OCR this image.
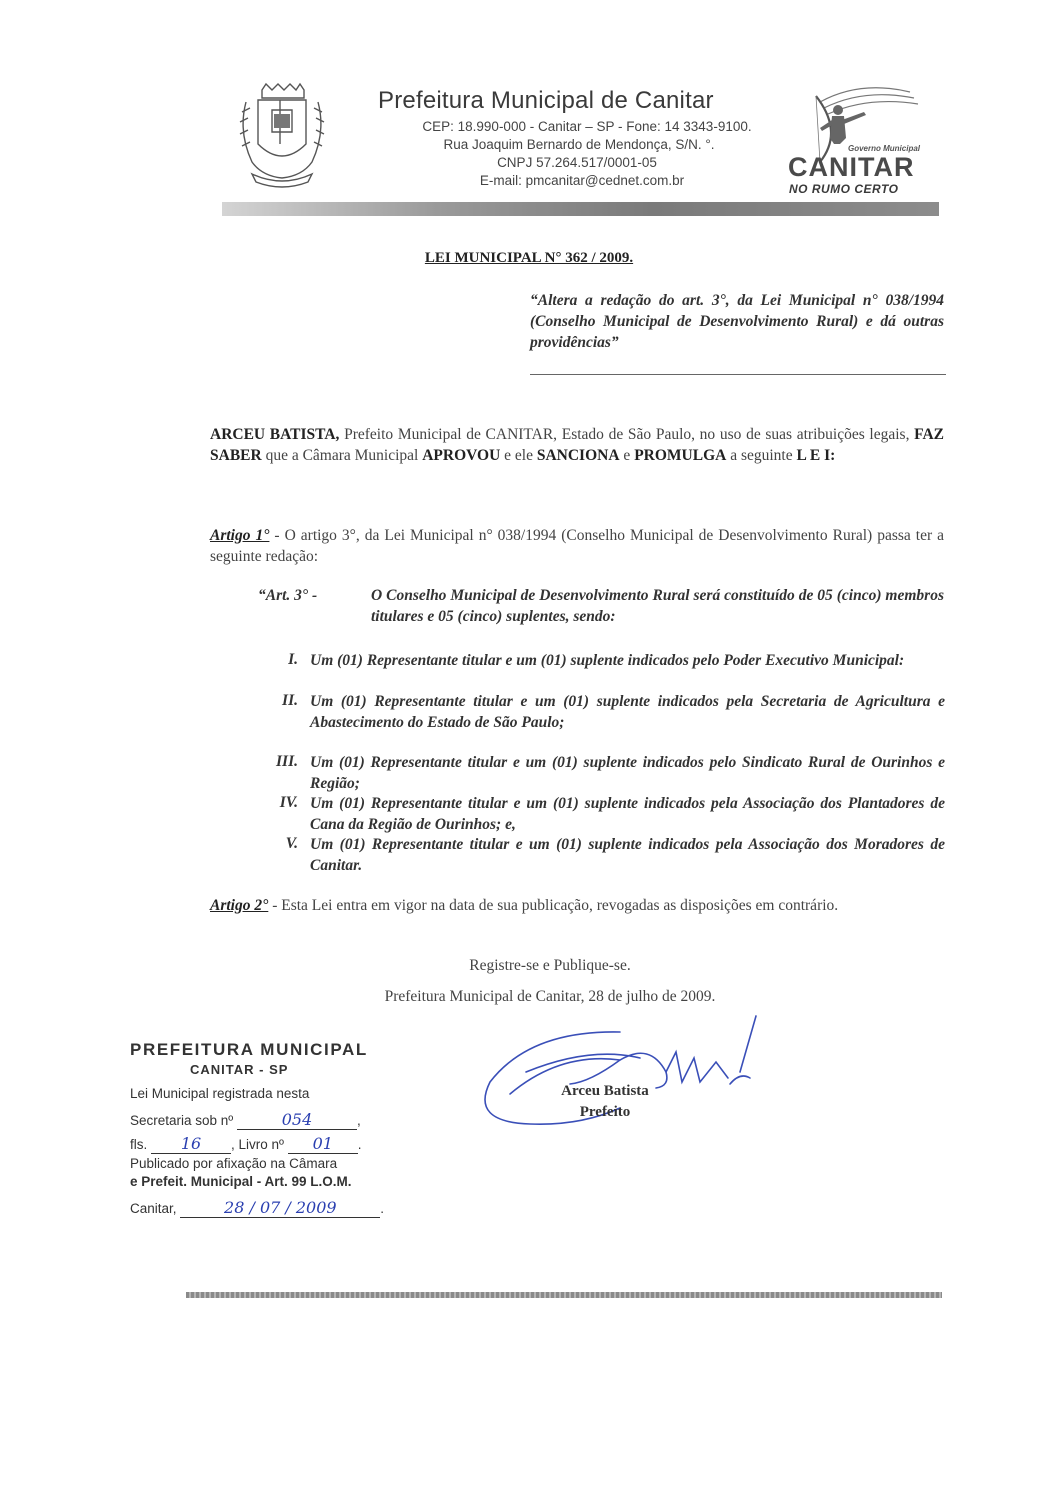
Prefeitura Municipal de Canitar
CEP: 18.990-000 - Canitar – SP - Fone: 14 3343-9100.
Rua Joaquim Bernardo de Mendonça, S/N. °.
CNPJ 57.264.517/0001-05
E-mail: pmcanitar@cednet.com.br
Governo Municipal
CANITAR
NO RUMO CERTO
LEI MUNICIPAL N° 362 / 2009.
“Altera a redação do art. 3°, da Lei Municipal n° 038/1994 (Conselho Municipal de Desenvolvimento Rural) e dá outras providências”
ARCEU BATISTA, Prefeito Municipal de CANITAR, Estado de São Paulo, no uso de suas atribuições legais, FAZ SABER que a Câmara Municipal APROVOU e ele SANCIONA e PROMULGA a seguinte L E I:
Artigo 1° - O artigo 3°, da Lei Municipal n° 038/1994 (Conselho Municipal de Desenvolvimento Rural) passa ter a seguinte redação:
“Art. 3° -	O Conselho Municipal de Desenvolvimento Rural será constituído de 05 (cinco) membros titulares e 05 (cinco) suplentes, sendo:
I. Um (01) Representante titular e um (01) suplente indicados pelo Poder Executivo Municipal:
II. Um (01) Representante titular e um (01) suplente indicados pela Secretaria de Agricultura e Abastecimento do Estado de São Paulo;
III. Um (01) Representante titular e um (01) suplente indicados pelo Sindicato Rural de Ourinhos e Região;
IV. Um (01) Representante titular e um (01) suplente indicados pela Associação dos Plantadores de Cana da Região de Ourinhos; e,
V. Um (01) Representante titular e um (01) suplente indicados pela Associação dos Moradores de Canitar.
Artigo 2° - Esta Lei entra em vigor na data de sua publicação, revogadas as disposições em contrário.
Registre-se e Publique-se.
Prefeitura Municipal de Canitar, 28 de julho de 2009.
PREFEITURA MUNICIPAL
CANITAR - SP
Lei Municipal registrada nesta
Secretaria sob nº	054	,
fls. 16 , Livro nº 01 .
Publicado por afixação na Câmara
e Prefeit. Municipal - Art. 99 L.O.M.
Canitar,	28 / 07 / 2009	.
Arceu Batista
Prefeito
